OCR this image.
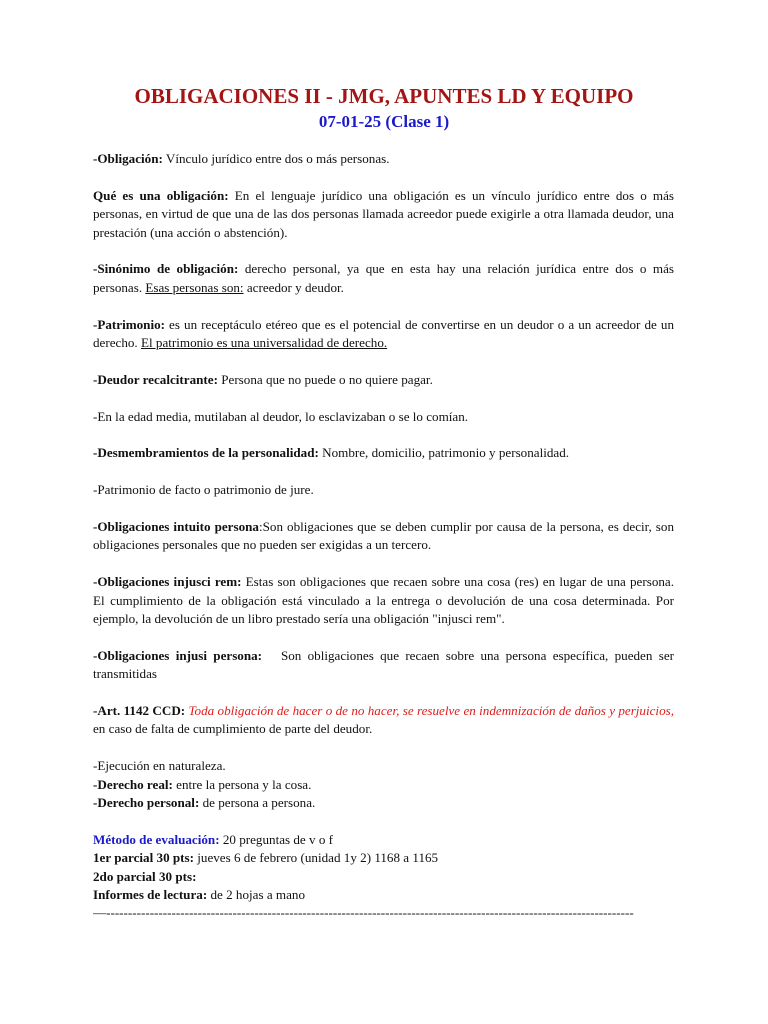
OBLIGACIONES II - JMG, APUNTES LD Y EQUIPO
07-01-25 (Clase 1)

-Obligación: Vínculo jurídico entre dos o más personas.

Qué es una obligación: En el lenguaje jurídico una obligación es un vínculo jurídico entre dos o más personas, en virtud de que una de las dos personas llamada acreedor puede exigirle a otra llamada deudor, una prestación (una acción o abstención).

-Sinónimo de obligación: derecho personal, ya que en esta hay una relación jurídica entre dos o más personas. Esas personas son: acreedor y deudor.

-Patrimonio: es un receptáculo etéreo que es el potencial de convertirse en un deudor o a un acreedor de un derecho. El patrimonio es una universalidad de derecho.

-Deudor recalcitrante: Persona que no puede o no quiere pagar.

-En la edad media, mutilaban al deudor, lo esclavizaban o se lo comían.

-Desmembramientos de la personalidad: Nombre, domicilio, patrimonio y personalidad.

-Patrimonio de facto o patrimonio de jure.

-Obligaciones intuito persona:Son obligaciones que se deben cumplir por causa de la persona, es decir, son obligaciones personales que no pueden ser exigidas a un tercero.

-Obligaciones injusci rem: Estas son obligaciones que recaen sobre una cosa (res) en lugar de una persona. El cumplimiento de la obligación está vinculado a la entrega o devolución de una cosa determinada. Por ejemplo, la devolución de un libro prestado sería una obligación "injusci rem".

-Obligaciones injusi persona:   Son obligaciones que recaen sobre una persona específica, pueden ser transmitidas

-Art. 1142 CCD: Toda obligación de hacer o de no hacer, se resuelve en indemnización de daños y perjuicios, en caso de falta de cumplimiento de parte del deudor.

-Ejecución en naturaleza.

-Derecho real: entre la persona y la cosa.

-Derecho personal: de persona a persona.

Método de evaluación: 20 preguntas de v o f

1er parcial 30 pts: jueves 6 de febrero (unidad 1y 2) 1168 a 1165

2do parcial 30 pts:

Informes de lectura: de 2 hojas a mano

—-------------------------------------------------------------------------------------------------------------------------
